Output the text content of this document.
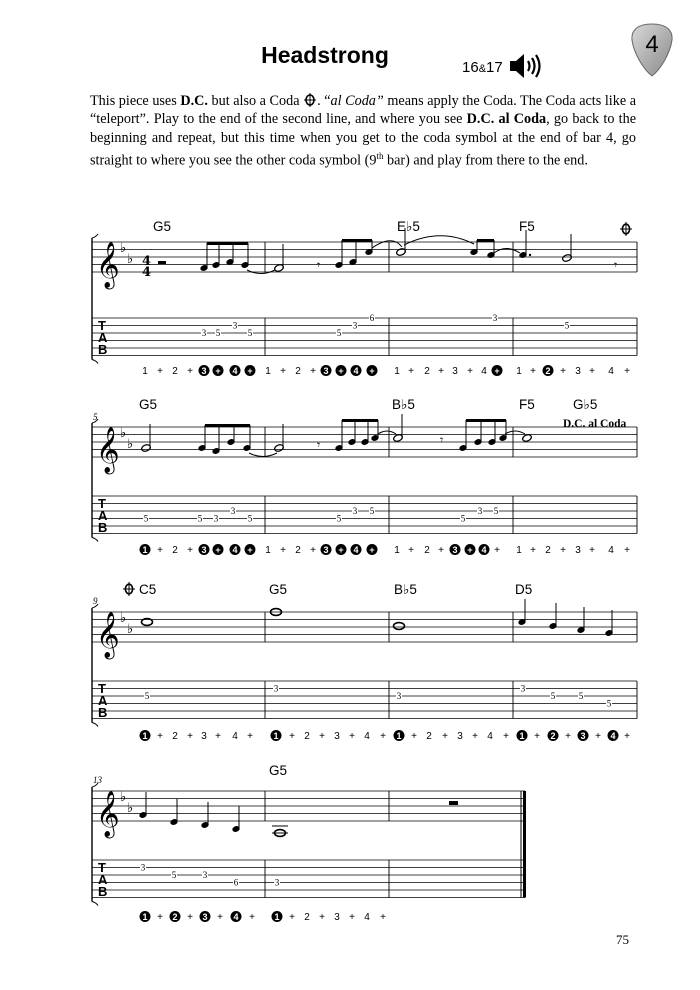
Headstrong	16&17
4
This piece uses D.C. but also a Coda . “al Coda” means apply the Coda. The Coda acts like a “teleport”. Play to the end of the second line, and where you see D.C. al Coda, go back to the beginning and repeat, but this time when you get to the coda symbol at the end of bar 4, go straight to where you see the other coda symbol (9th bar) and play from there to the end.
G5	E♭5	F5
4
4	𝄾	𝄾
5
G5	B♭5	F5	G♭5
D.C. al Coda
𝄾	𝄾
9
C5	G5	B♭5	D5
13
G5
𝄞 ♭
♭
T
A
B
3 5
3
5	5
3
6	3
5
1 + 2 + 3 + 4 + 1 + 2 + 3 + 4 + 1 + 2 + 3 + 4 + 1 + 2 + 3 + 4 +
𝄞 ♭
♭
T
A
B
5	5 3
3
5	5
3 5
5
3 5
1 + 2 + 3 + 4 + 1 + 2 + 3 + 4 + 1 + 2 + 3 + 4 + 1 + 2 + 3 + 4 +
𝄞 ♭
♭
T
A
B
5
3
3
3
5	5
5
1 + 2 + 3 + 4 + 1 + 2 + 3 + 4 + 1 + 2 + 3 + 4 + 1 + 2 + 3 + 4 +
𝄞 ♭
♭
T
A
B
3
5	3
6	3
1 + 2 + 3 + 4 + 1 + 2 + 3 + 4 +
75
